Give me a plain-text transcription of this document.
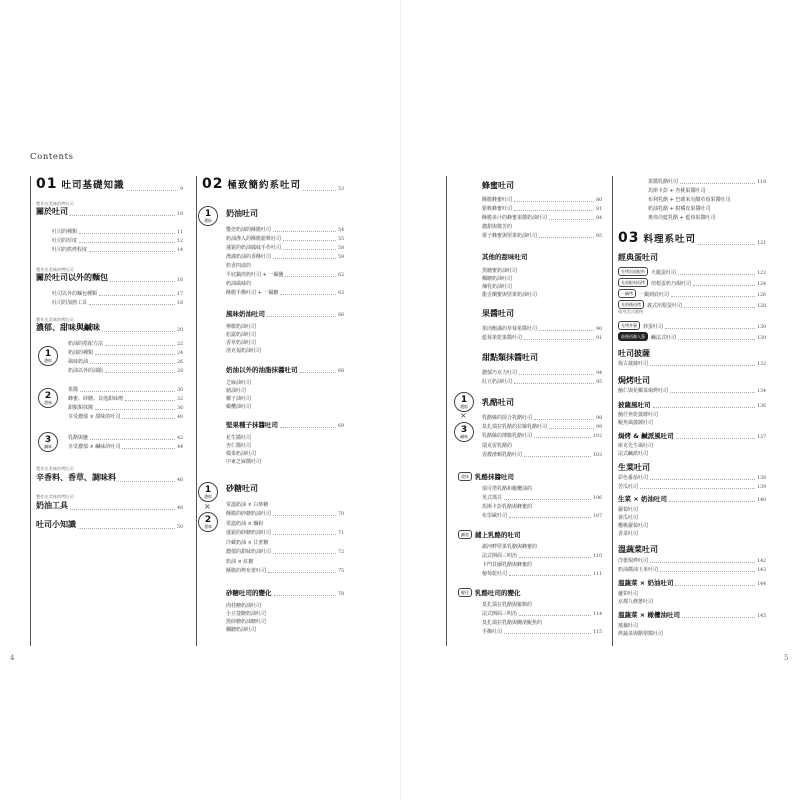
Contents
4	5
01 吐司基礎知識	9
製作出美味的烤吐司
關於吐司	10
吐司的種類	11
吐司的厚度	12
吐司的烘烤程度	14
製作出美味的烤吐司
關於吐司以外的麵包	16
吐司以外的麵包種類	17
吐司的加熱工具	18
製作出美味的烤吐司
濃郁、甜味與鹹味	20
1
濃郁
奶油的搭配方法	22
奶油的種類	24
風味奶油	26
奶油以外的油脂	28
2
甜味
果醬	30
蜂蜜、砂糖、其他甜味劑	32
甜點類抹醬	36
享受濃郁 × 甜味的吐司	40
3
鹹味
乳酪與鹽	42
享受濃郁 × 鹹味的吐司	44
製作出美味的烤吐司
辛香料、香草、調味料	46
製作出美味的烤吐司
奶油工具	48
吐司小知識	50
02 極致簡約系吐司	53
1
濃郁
奶油吐司
雙倍奶油的酥脆吐司	54
奶油滲入的酥脆鬆軟吐司	55
蓬鬆的奶油鳳味手作吐司	58
滲滿奶油的香酥吐司	59
奶香四溢的
平底鍋煎奶吐司 + 一撮鹽	62
奶油風味的
酥脆手撕吐司 + 一撮糖	63
風味奶油吐司	66
檸檬奶油吐司
松露奶油吐司
香草奶油吐司
洛克福奶油吐司
奶油以外的油脂抹醬吐司	68
芝麻油吐司
豬油吐司
椰子油吐司
橄欖油吐司
堅果種子抹醬吐司	69
花生醬吐司
杏仁醬吐司
榛果奶油吐司
中東芝麻醬吐司
1
濃郁
×
2
甜味
砂糖吐司
常溫奶油 × 白砂糖
酥脆的砂糖奶油吐司	70
常溫奶油 × 麵粉
蓬鬆的砂糖奶油吐司	71
冷藏奶油 × 甘蔗糖
濃郁的甜味奶油吐司	72
奶油 × 紅糖
酥脆的烤布蕾吐司	75
砂糖吐司的變化	78
肉桂糖奶油吐司
小豆蔻糖奶油吐司
黑砂糖奶油糖吐司
楓糖奶油吐司
蜂蜜吐司
酥脆蜂蜜吐司	80
鬆軟蜂蜜吐司	81
酥脆多汁的蜂蜜果醬奶油吐司	84
濃甜與微苦的
栗子蜂蜜與堅果奶油吐司	85
其他的甜味吐司
黑糖蜜奶油吐司
楓糖奶油吐司
煉乳奶油吐司
龍舌蘭蜜與堅果奶油吐司
果醬吐司
果肉飽滿的草莓果醬吐司	90
藍莓果乾果醬吐司	91
甜點類抹醬吐司
濃郁巧克力吐司	94
紅豆奶油吐司	95
1
濃郁
×
3
鹹味
乳酪吐司
乳酪絲的混合乳酪吐司	98
莫扎瑞拉乳酪的拉絲乳酪吐司	99
乳酪絲的薄脆乳酪吐司	102
瑞克雷乳酪的
香濃滑順乳酪吐司	103
塗抹 乳酪抹醬吐司
瑞可塔乳酪和橄欖油的
英式瑪芬	106
馬斯卡彭乳酪與蜂蜜的
布里歐吐司	107
鋪放 鋪上乳酪的吐司
謝河畔堅果乳酪與蜂蜜的
法式開面三明治	110
卡門貝爾乳酪與蜂蜜的
葡萄乾吐司	111
變化 乳酪吐司的變化
莫扎瑞拉乳酪與羅勒的
法式開面三明治	114
莫扎瑞拉乳酪與醃漬鯷魚的
手撕吐司	115
果醬乳酪吐司	118
馬斯卡彭 + 杏桃果醬吐司
布利乳酪 + 巴薩米克醋草莓果醬吐司
奶油乳酪 + 柑橘皮果醬吐司
奧弗涅藍乳酪 + 藍莓果醬吐司
03 料理系吐司	121
經典蛋吐司
先烤再放配料	火腿蛋吐司	122
先放配料再烤	培根蛋奶乃焗吐司	124
一鍋烤	一鍋到底吐司	126
先煎後再烤	義式培根蛋吐司	128
使用美式風格
先烤外層	炒蛋吐司	130
最後再淋入蛋	鹹法式吐司	130
吐司披薩
復古披薩吐司	132
焗烤吐司
鮪仁與花椰菜焗烤吐司	134
披薩風吐司	136
鮪仔魚乾披薩吐司
鯷魚風披薩吐司
焗烤 & 鹹派風吐司	137
庫克先生風吐司
法式鹹派吐司
生菜吐司
彩色番茄吐司	138
苦瓜吐司	139
生菜 × 奶油吐司	140
蘿蔔吐司
黃瓜吐司
櫻桃蘿蔔吐司
香菜吐司
溫蔬菜吐司
洋蔥焗烤吐司	142
奶油醬油玉米吐司	143
溫蔬菜 × 奶油吐司	144
蘆筍吐司
京都九條蔥吐司
溫蔬菜 × 橄欖油吐司	145
蓮藕吐司
烤蔬菜與酪梨醬吐司
